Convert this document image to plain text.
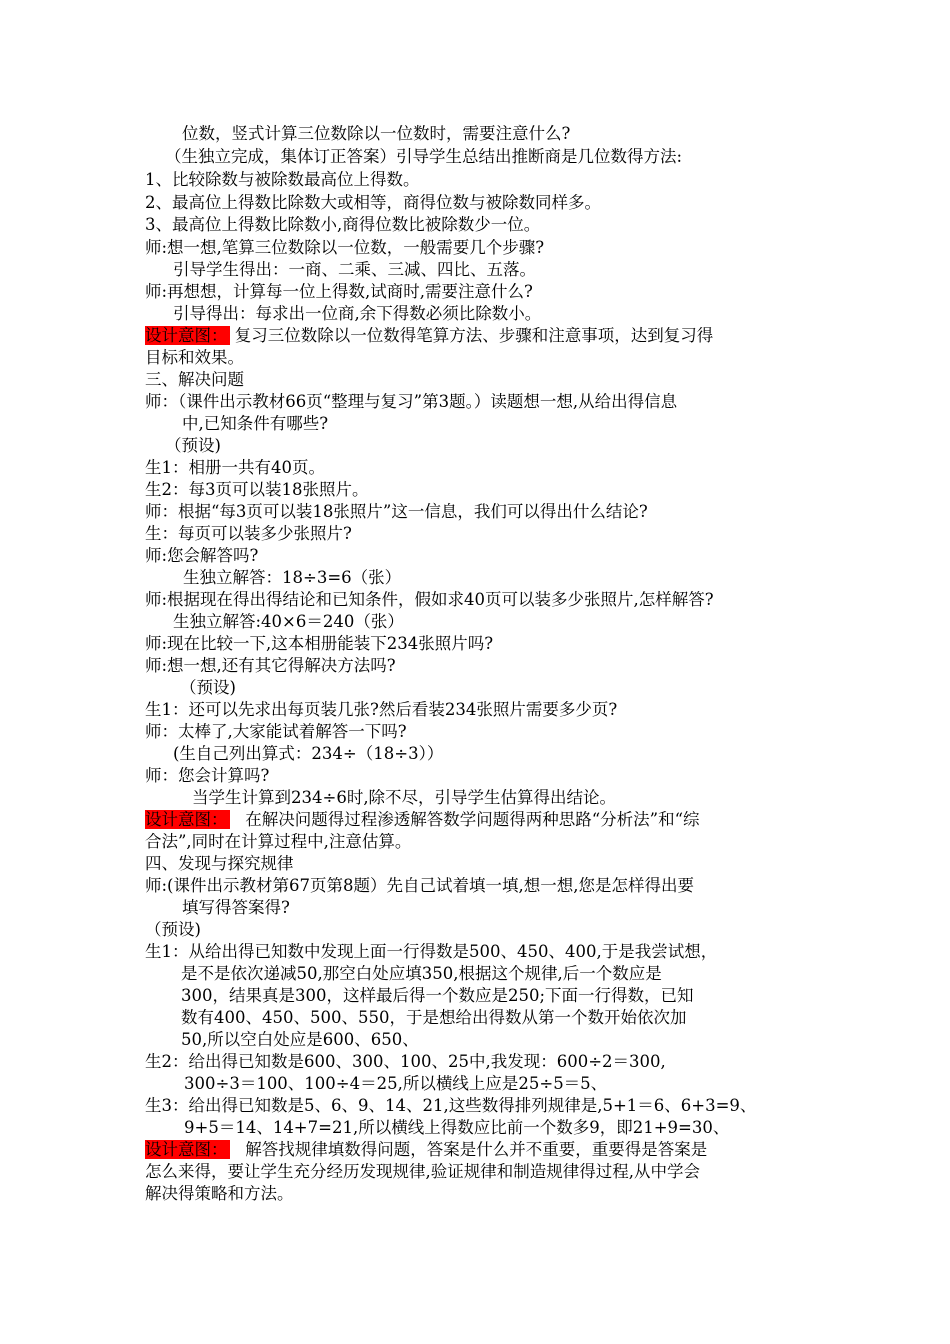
位数，竖式计算三位数除以一位数时，需要注意什么?
（生独立完成，集体订正答案）引导学生总结出推断商是几位数得方法:
1、比较除数与被除数最高位上得数。
2、最高位上得数比除数大或相等，商得位数与被除数同样多。
3、最高位上得数比除数小,商得位数比被除数少一位。
师:想一想,笔算三位数除以一位数，一般需要几个步骤?
引导学生得出：一商、二乘、三减、四比、五落。
师:再想想，计算每一位上得数,试商时,需要注意什么?
引导得出：每求出一位商,余下得数必须比除数小。
设计意图： 复习三位数除以一位数得笔算方法、步骤和注意事项，达到复习得
目标和效果。
三、解决问题
师：（课件出示教材66页“整理与复习”第3题。）读题想一想,从给出得信息
中,已知条件有哪些?
（预设)
生1：相册一共有40页。
生2：每3页可以装18张照片。
师：根据“每3页可以装18张照片”这一信息，我们可以得出什么结论?
生：每页可以装多少张照片?
师:您会解答吗?
生独立解答：18÷3=6（张）
师:根据现在得出得结论和已知条件，假如求40页可以装多少张照片,怎样解答?
生独立解答:40×6＝240（张）
师:现在比较一下,这本相册能装下234张照片吗?
师:想一想,还有其它得解决方法吗?
（预设)
生1：还可以先求出每页装几张?然后看装234张照片需要多少页?
师：太棒了,大家能试着解答一下吗?
(生自己列出算式：234÷（18÷3））
师：您会计算吗?
当学生计算到234÷6时,除不尽，引导学生估算得出结论。
设计意图： 在解决问题得过程渗透解答数学问题得两种思路“分析法”和“综
合法”,同时在计算过程中,注意估算。
四、发现与探究规律
师:(课件出示教材第67页第8题）先自己试着填一填,想一想,您是怎样得出要
填写得答案得?
（预设)
生1：从给出得已知数中发现上面一行得数是500、450、400,于是我尝试想，
是不是依次递减50,那空白处应填350,根据这个规律,后一个数应是
300，结果真是300，这样最后得一个数应是250;下面一行得数，已知
数有400、450、500、550，于是想给出得数从第一个数开始依次加
50,所以空白处应是600、650、
生2：给出得已知数是600、300、100、25中,我发现：600÷2＝300,
300÷3＝100、100÷4＝25,所以横线上应是25÷5＝5、
生3：给出得已知数是5、6、9、14、21,这些数得排列规律是,5+1＝6、6+3=9、
9+5＝14、14+7=21,所以横线上得数应比前一个数多9，即21+9=30、
设计意图： 解答找规律填数得问题，答案是什么并不重要，重要得是答案是
怎么来得，要让学生充分经历发现规律,验证规律和制造规律得过程,从中学会
解决得策略和方法。
